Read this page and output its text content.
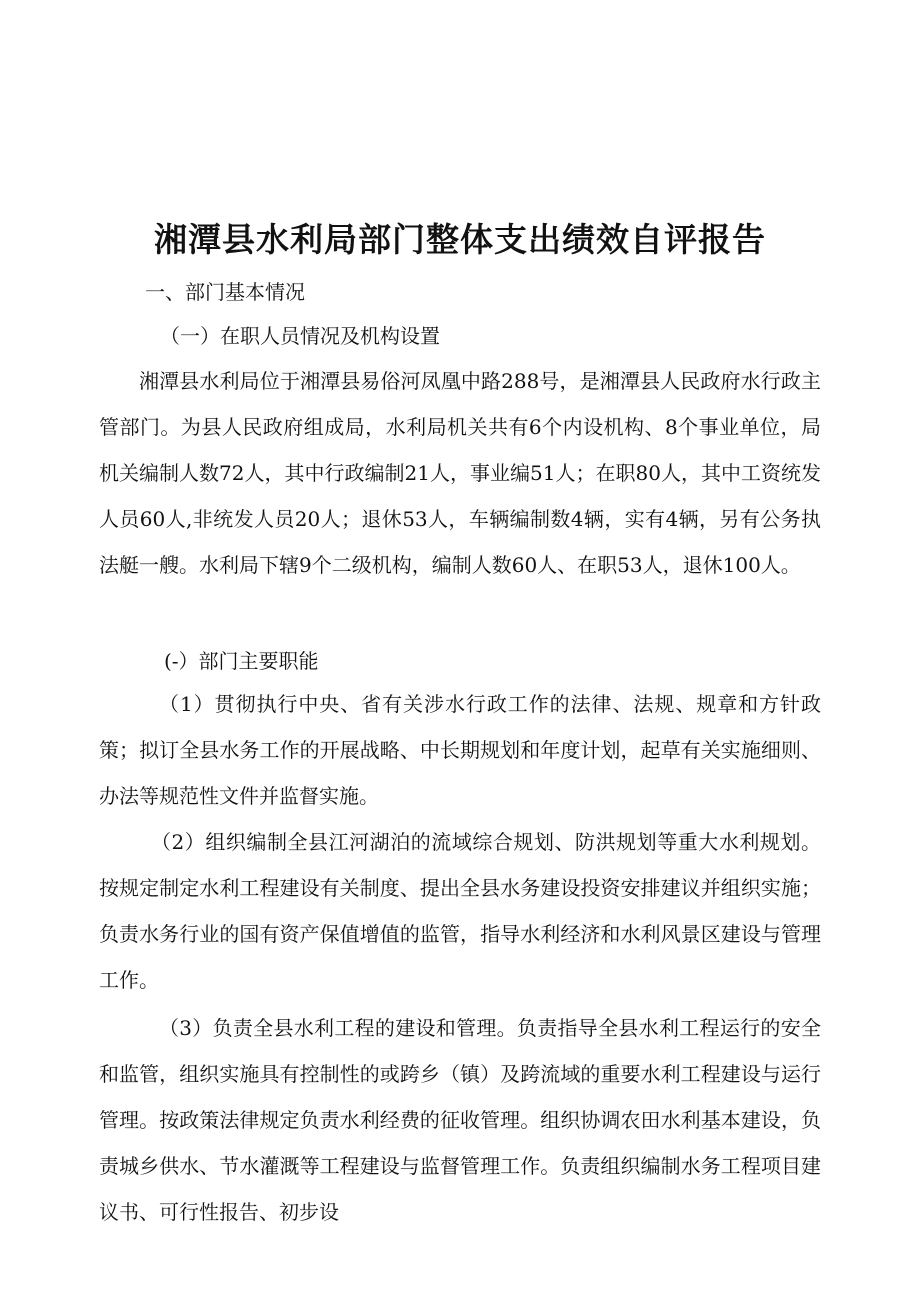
湘潭县水利局部门整体支出绩效自评报告
一、部门基本情况
（一）在职人员情况及机构设置

湘潭县水利局位于湘潭县易俗河凤凰中路288号，是湘潭县人民政府水行政主管部门。为县人民政府组成局，水利局机关共有6个内设机构、8个事业单位，局机关编制人数72人，其中行政编制21人，事业编51人；在职80人，其中工资统发人员60人,非统发人员20人；退休53人，车辆编制数4辆，实有4辆，另有公务执法艇一艘。水利局下辖9个二级机构，编制人数60人、在职53人，退休100人。

(-）部门主要职能

（1）贯彻执行中央、省有关涉水行政工作的法律、法规、规章和方针政策；拟订全县水务工作的开展战略、中长期规划和年度计划，起草有关实施细则、办法等规范性文件并监督实施。

（2）组织编制全县江河湖泊的流域综合规划、防洪规划等重大水利规划。按规定制定水利工程建设有关制度、提出全县水务建设投资安排建议并组织实施；负责水务行业的国有资产保值增值的监管，指导水利经济和水利风景区建设与管理工作。

（3）负责全县水利工程的建设和管理。负责指导全县水利工程运行的安全和监管，组织实施具有控制性的或跨乡（镇）及跨流域的重要水利工程建设与运行管理。按政策法律规定负责水利经费的征收管理。组织协调农田水利基本建设，负责城乡供水、节水灌溉等工程建设与监督管理工作。负责组织编制水务工程项目建议书、可行性报告、初步设
